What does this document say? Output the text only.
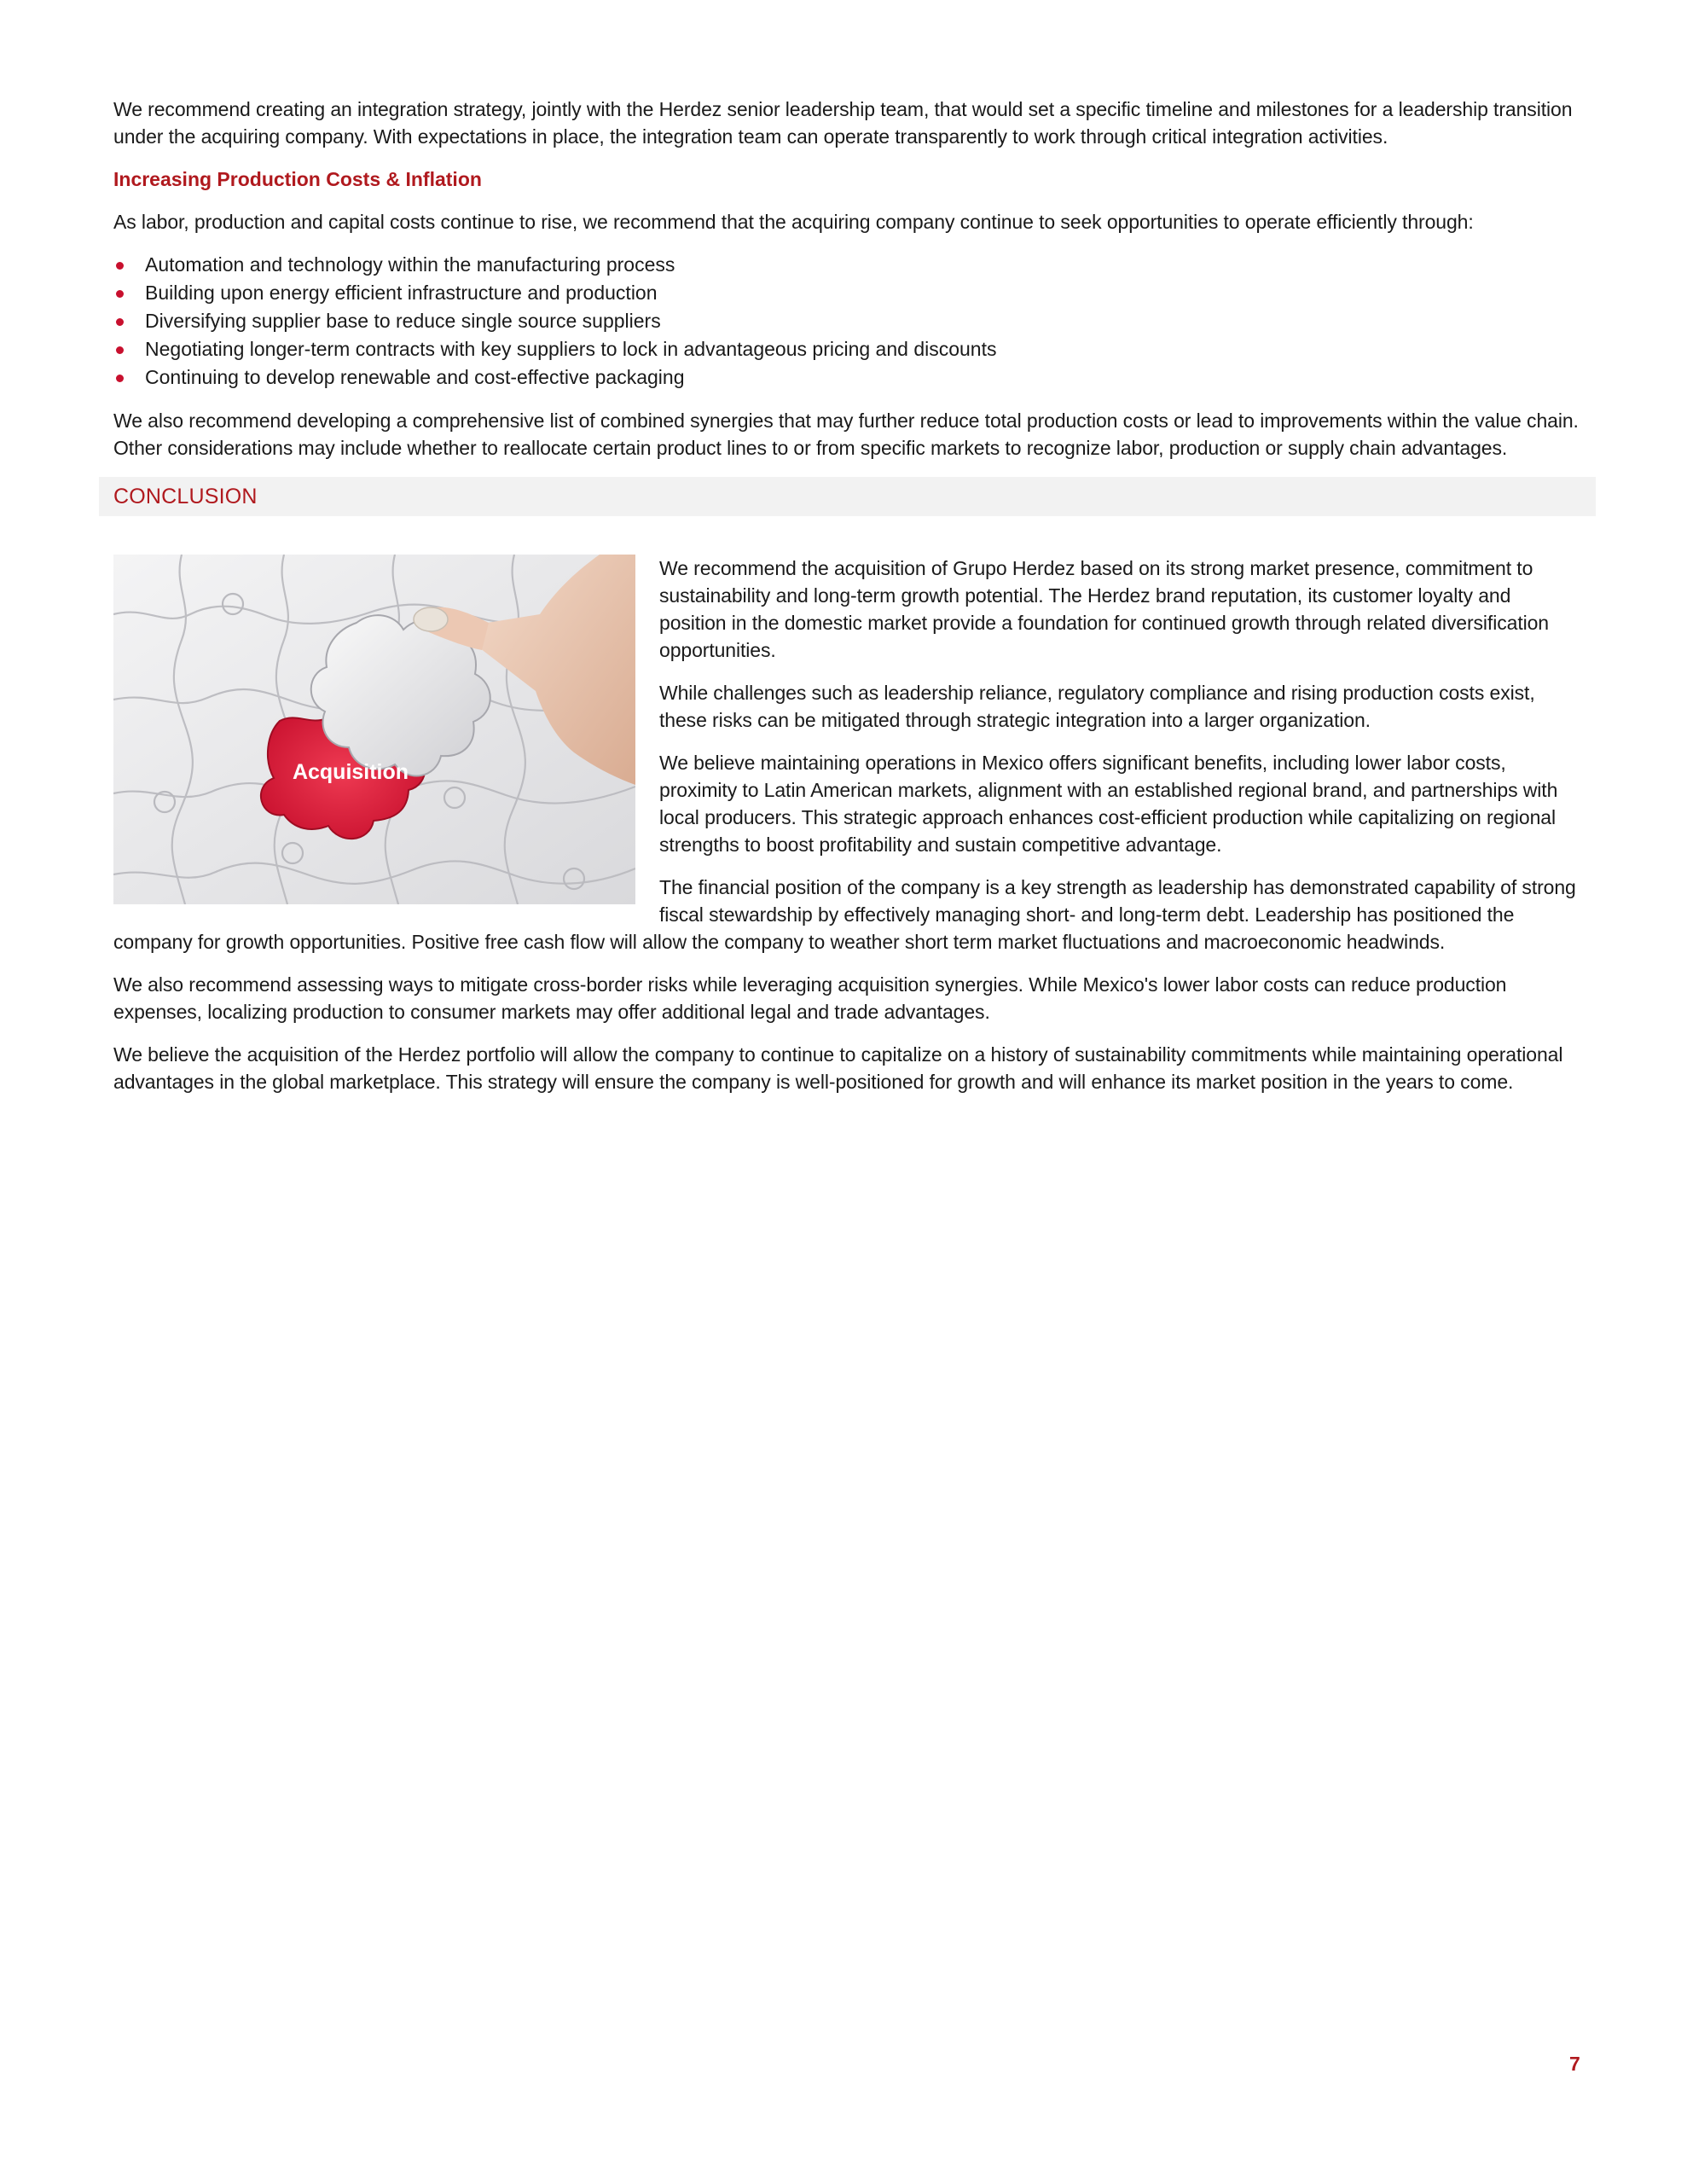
We recommend creating an integration strategy, jointly with the Herdez senior leadership team, that would set a specific timeline and milestones for a leadership transition under the acquiring company. With expectations in place, the integration team can operate transparently to work through critical integration activities.

Increasing Production Costs & Inflation

As labor, production and capital costs continue to rise, we recommend that the acquiring company continue to seek opportunities to operate efficiently through:

Automation and technology within the manufacturing process
Building upon energy efficient infrastructure and production
Diversifying supplier base to reduce single source suppliers
Negotiating longer-term contracts with key suppliers to lock in advantageous pricing and discounts
Continuing to develop renewable and cost-effective packaging

We also recommend developing a comprehensive list of combined synergies that may further reduce total production costs or lead to improvements within the value chain. Other considerations may include whether to reallocate certain product lines to or from specific markets to recognize labor, production or supply chain advantages.

CONCLUSION
Acquisition

We recommend the acquisition of Grupo Herdez based on its strong market presence, commitment to sustainability and long-term growth potential. The Herdez brand reputation, its customer loyalty and position in the domestic market provide a foundation for continued growth through related diversification opportunities.

While challenges such as leadership reliance, regulatory compliance and rising production costs exist, these risks can be mitigated through strategic integration into a larger organization.

We believe maintaining operations in Mexico offers significant benefits, including lower labor costs, proximity to Latin American markets, alignment with an established regional brand, and partnerships with local producers. This strategic approach enhances cost-efficient production while capitalizing on regional strengths to boost profitability and sustain competitive advantage.

The financial position of the company is a key strength as leadership has demonstrated capability of strong fiscal stewardship by effectively managing short- and long-term debt. Leadership has positioned the company for growth opportunities. Positive free cash flow will allow the company to weather short term market fluctuations and macroeconomic headwinds.

We also recommend assessing ways to mitigate cross-border risks while leveraging acquisition synergies. While Mexico's lower labor costs can reduce production expenses, localizing production to consumer markets may offer additional legal and trade advantages.

We believe the acquisition of the Herdez portfolio will allow the company to continue to capitalize on a history of sustainability commitments while maintaining operational advantages in the global marketplace. This strategy will ensure the company is well-positioned for growth and will enhance its market position in the years to come.

7
